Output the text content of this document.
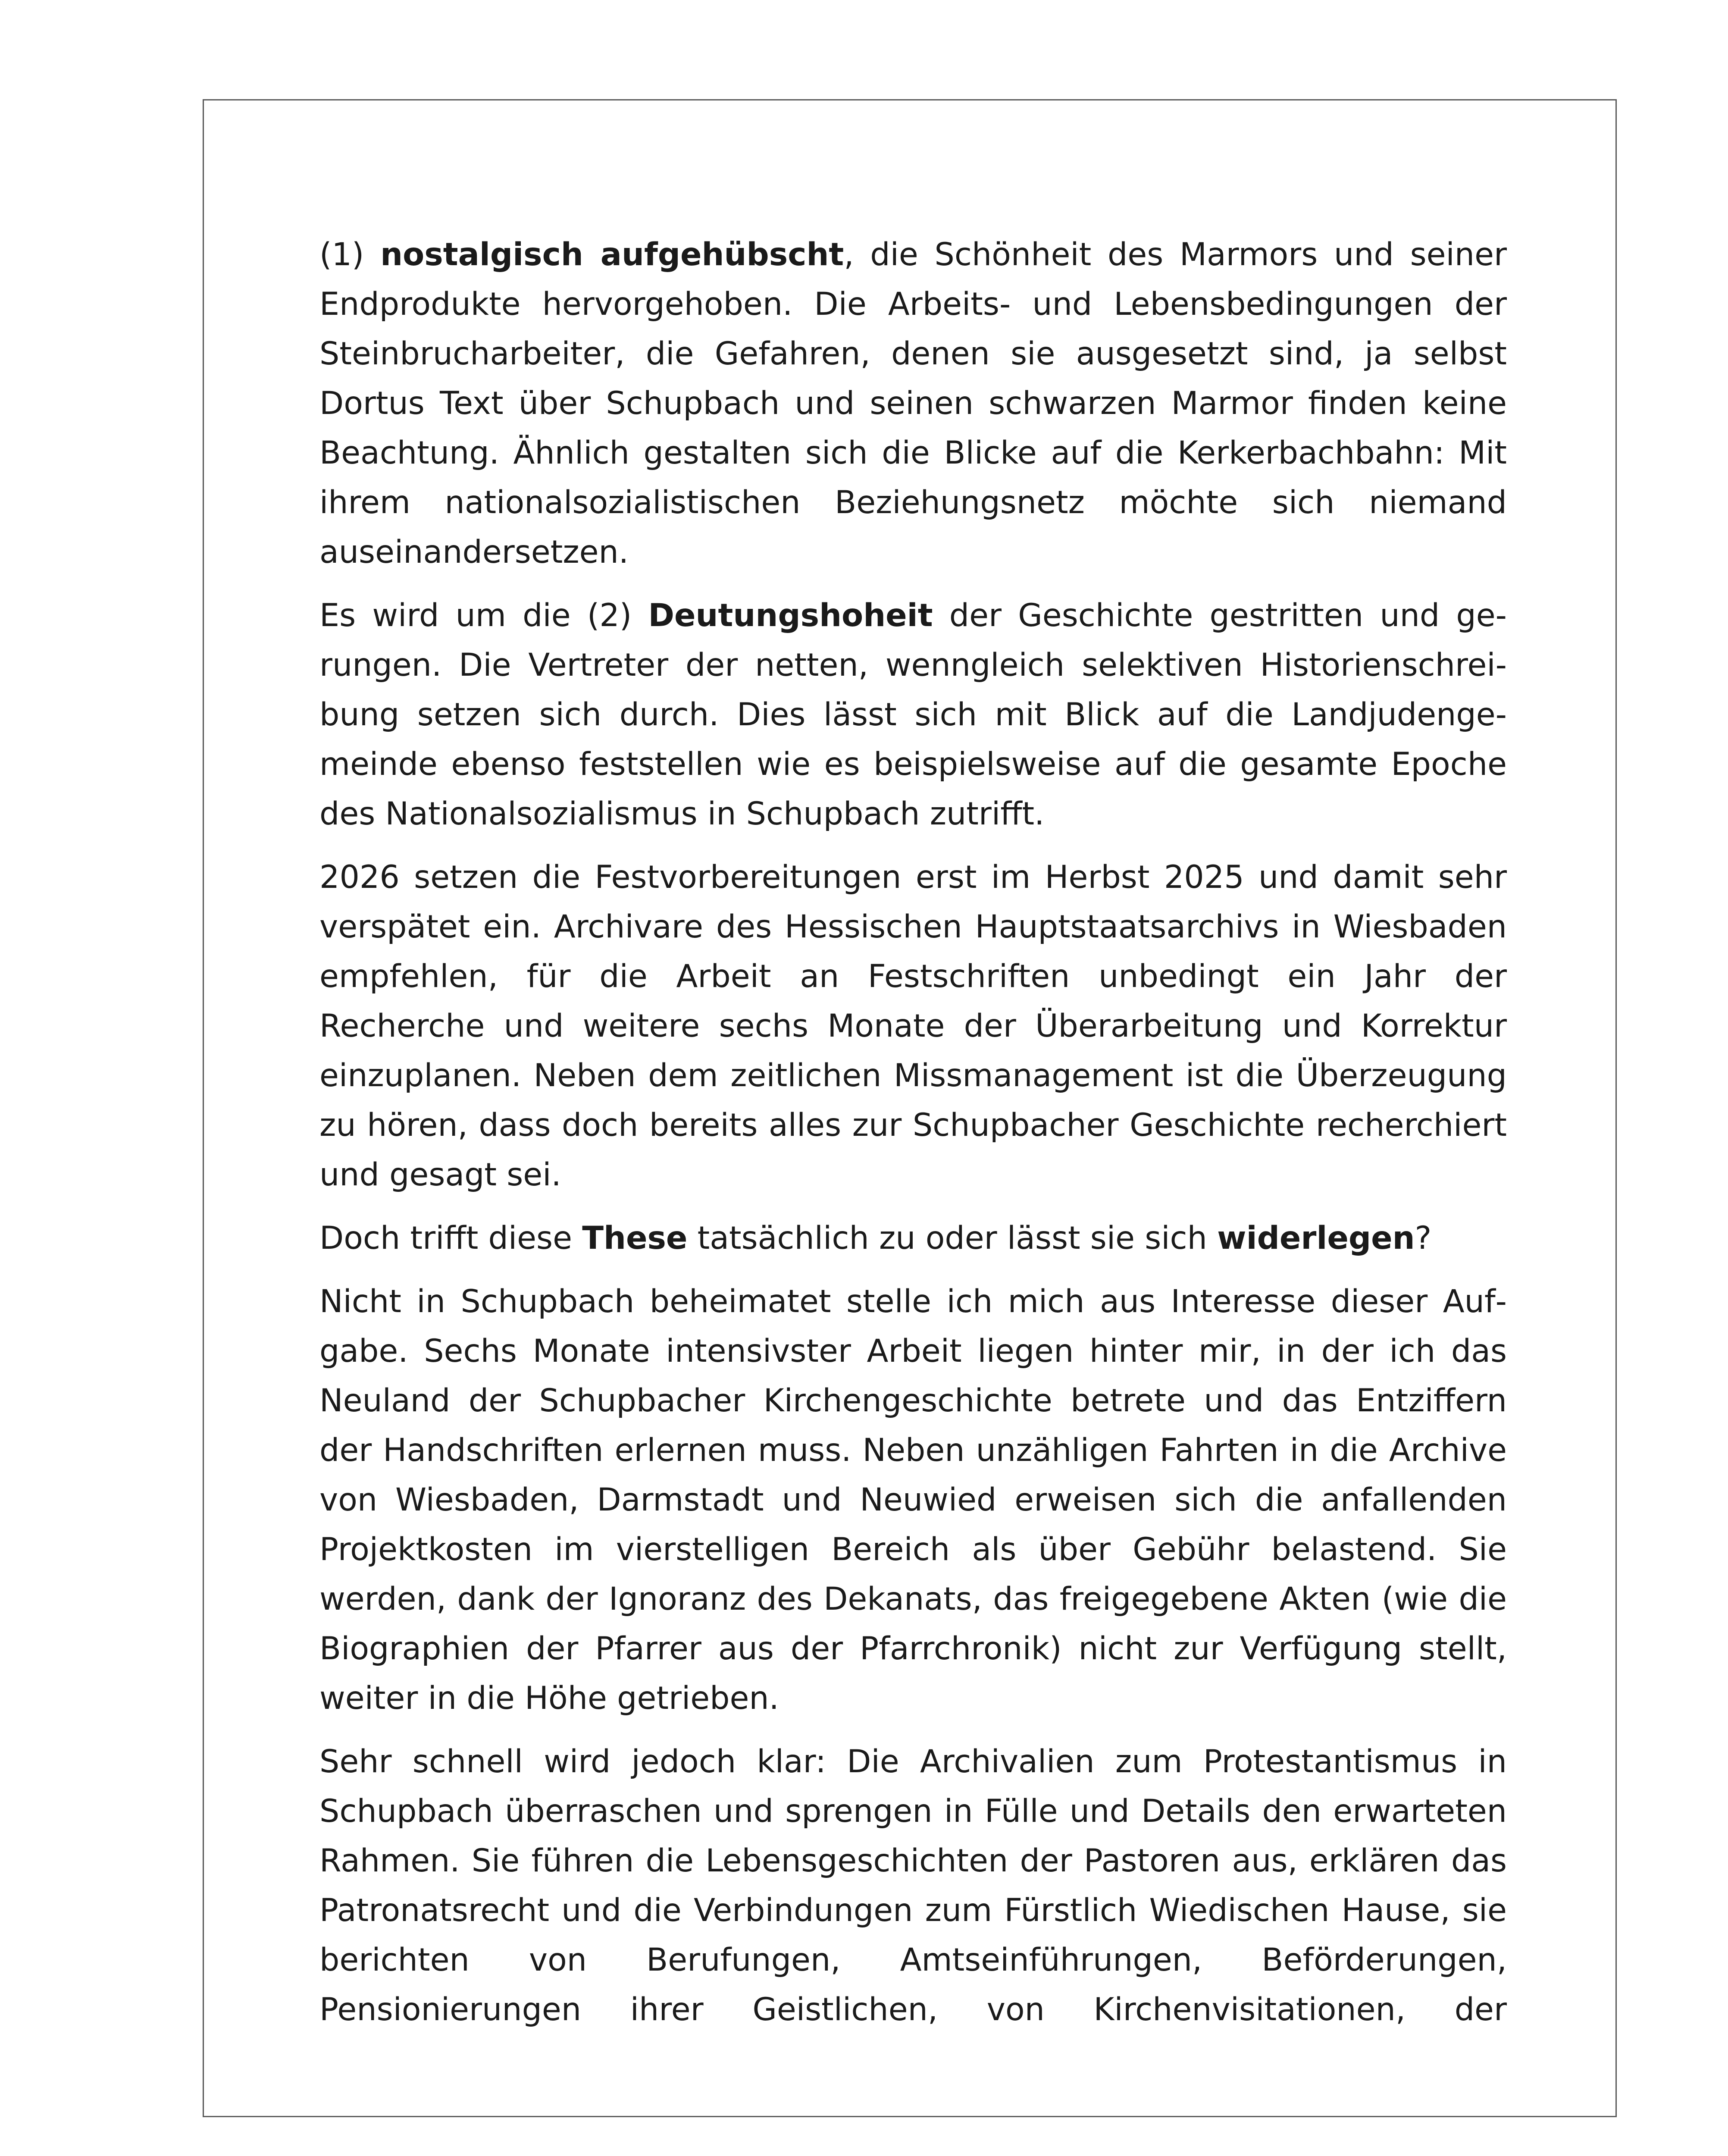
(1) nostalgisch aufgehübscht, die Schönheit des Marmors und seiner Endprodukte hervorgehoben. Die Arbeits- und Lebensbedingungen der Steinbrucharbeiter, die Gefahren, denen sie ausgesetzt sind, ja selbst Dortus Text über Schupbach und seinen schwarzen Marmor finden keine Beachtung. Ähnlich gestalten sich die Blicke auf die Kerkerbachbahn: Mit ihrem nationalsozialistischen Beziehungsnetz möchte sich niemand auseinandersetzen.

Es wird um die (2) Deutungshoheit der Geschichte gestritten und gerungen. Die Vertreter der netten, wenngleich selektiven Historienschreibung setzen sich durch. Dies lässt sich mit Blick auf die Landjudengemeinde ebenso feststellen wie es beispielsweise auf die gesamte Epoche des Nationalsozialismus in Schupbach zutrifft.

2026 setzen die Festvorbereitungen erst im Herbst 2025 und damit sehr verspätet ein. Archivare des Hessischen Hauptstaatsarchivs in Wiesbaden empfehlen, für die Arbeit an Festschriften unbedingt ein Jahr der Recherche und weitere sechs Monate der Überarbeitung und Korrektur einzuplanen. Neben dem zeitlichen Missmanagement ist die Überzeugung zu hören, dass doch bereits alles zur Schupbacher Geschichte recherchiert und gesagt sei.

Doch trifft diese These tatsächlich zu oder lässt sie sich widerlegen?

Nicht in Schupbach beheimatet stelle ich mich aus Interesse dieser Aufgabe. Sechs Monate intensivster Arbeit liegen hinter mir, in der ich das Neuland der Schupbacher Kirchengeschichte betrete und das Entziffern der Handschriften erlernen muss. Neben unzähligen Fahrten in die Archive von Wiesbaden, Darmstadt und Neuwied erweisen sich die anfallenden Projektkosten im vierstelligen Bereich als über Gebühr belastend. Sie werden, dank der Ignoranz des Dekanats, das freigegebene Akten (wie die Biographien der Pfarrer aus der Pfarrchronik) nicht zur Verfügung stellt, weiter in die Höhe getrieben.

Sehr schnell wird jedoch klar: Die Archivalien zum Protestantismus in Schupbach überraschen und sprengen in Fülle und Details den erwarteten Rahmen. Sie führen die Lebensgeschichten der Pastoren aus, erklären das Patronatsrecht und die Verbindungen zum Fürstlich Wiedischen Hause, sie berichten von Berufungen, Amtseinführungen, Beförderungen, Pensionierungen ihrer Geistlichen, von Kirchenvisitationen, der
